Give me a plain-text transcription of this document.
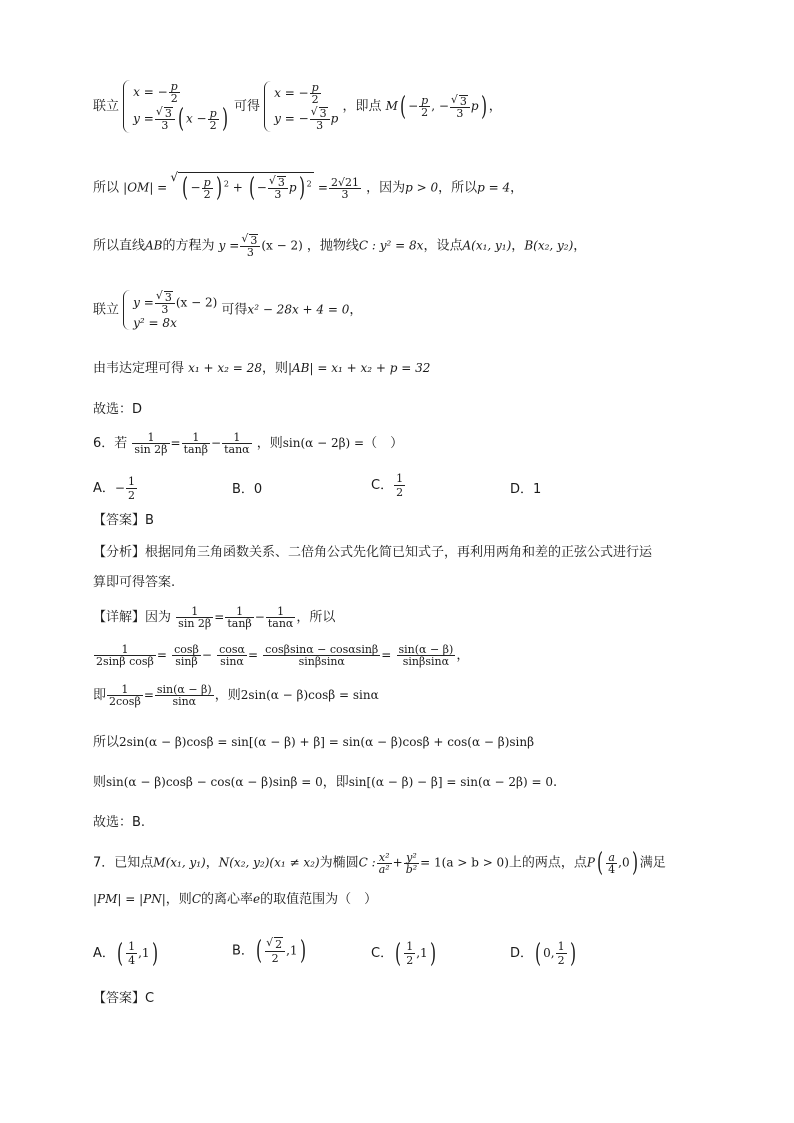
联立
x = − $\frac{p}{2}$
y = √ $\frac{3}{3}$ ( $x - \frac{p}{2}$ ) 可得
x = − $\frac{p}{2}$
y = − √ $\frac{3}{3}$ p
，即点 $M( - \frac{p}{2}$ , − √ $\frac{3}{3} p$) ，
所以 |OM| = √ ( − $\frac{p}{2}$ ) $^2$ + ( − √ $\frac{3}{3} p$) $^2 = \frac{2√21}{3}$ ，因为p > 0，所以p = 4，
所以直线AB的方程为 y = √ $\frac{3}{3} (x - 2)$ ，抛物线C : y² = 8x，设点A(x₁, y₁)，B(x₂, y₂)，
联立 y = √ $\frac{3}{3} (x - 2)$
y² = 8x
可得x² − 28x + 4 = 0，
由韦达定理可得 x₁ + x₂ = 28，则|AB| = x₁ + x₂ + p = 32
故选：D
6．若 $\frac{1}{\sin 2\beta} = \frac{1}{\tan\beta} - \frac{1}{\tan\alpha}$ ，则sin(α − 2β) =（　）
A．− $\frac{1}{2}$	B．0	C． $\frac{1}{2}$	D．1
【答案】B
【分析】根据同角三角函数关系、二倍角公式先化简已知式子，再利用两角和差的正弦公式进行运
算即可得答案.
【详解】因为 $\frac{1}{\sin 2\beta} = \frac{1}{\tan\beta} - \frac{1}{\tan\alpha}$ ，所以
$\frac{1}{\text{2sinβ cosβ}} = \frac{\cos\beta}{\sin\beta} - \frac{\cos\alpha}{\sin\alpha} = \frac{\cos\beta\sin\alpha - \cos\alpha\sin\beta}{\sin\beta\sin\alpha} = \frac{\sin(\alpha - \beta)}{\sin\beta\sin\alpha}$ ，
即 $\frac{1}{2\cos\beta} = \frac{\sin(\alpha - \beta)}{\sin\alpha}$ ，则2sin(α − β)cosβ = sinα
所以2sin(α − β)cosβ = sin[(α − β) + β] = sin(α − β)cosβ + cos(α − β)sinβ
则sin(α − β)cosβ − cos(α − β)sinβ = 0，即sin[(α − β) − β] = sin(α − 2β) = 0.
故选：B.
7．已知点M(x₁, y₁)，N(x₂, y₂)(x₁ ≠ x₂)为椭圆C : $\frac{\text{x²}}{\text{a²}} + \frac{\text{y²}}{\text{b²}} = 1(a > b > 0)$上的两点，点$P( \frac{a}{4} ,0)$ 满足
|PM| = |PN|，则C的离心率e的取值范围为（　）
A．( $\frac{1}{4} ,1$)	B．( √ $\frac{2}{2} ,1$)	C．( $\frac{1}{2} ,1$)	D．( 0, $\frac{1}{2}$ )
【答案】C
